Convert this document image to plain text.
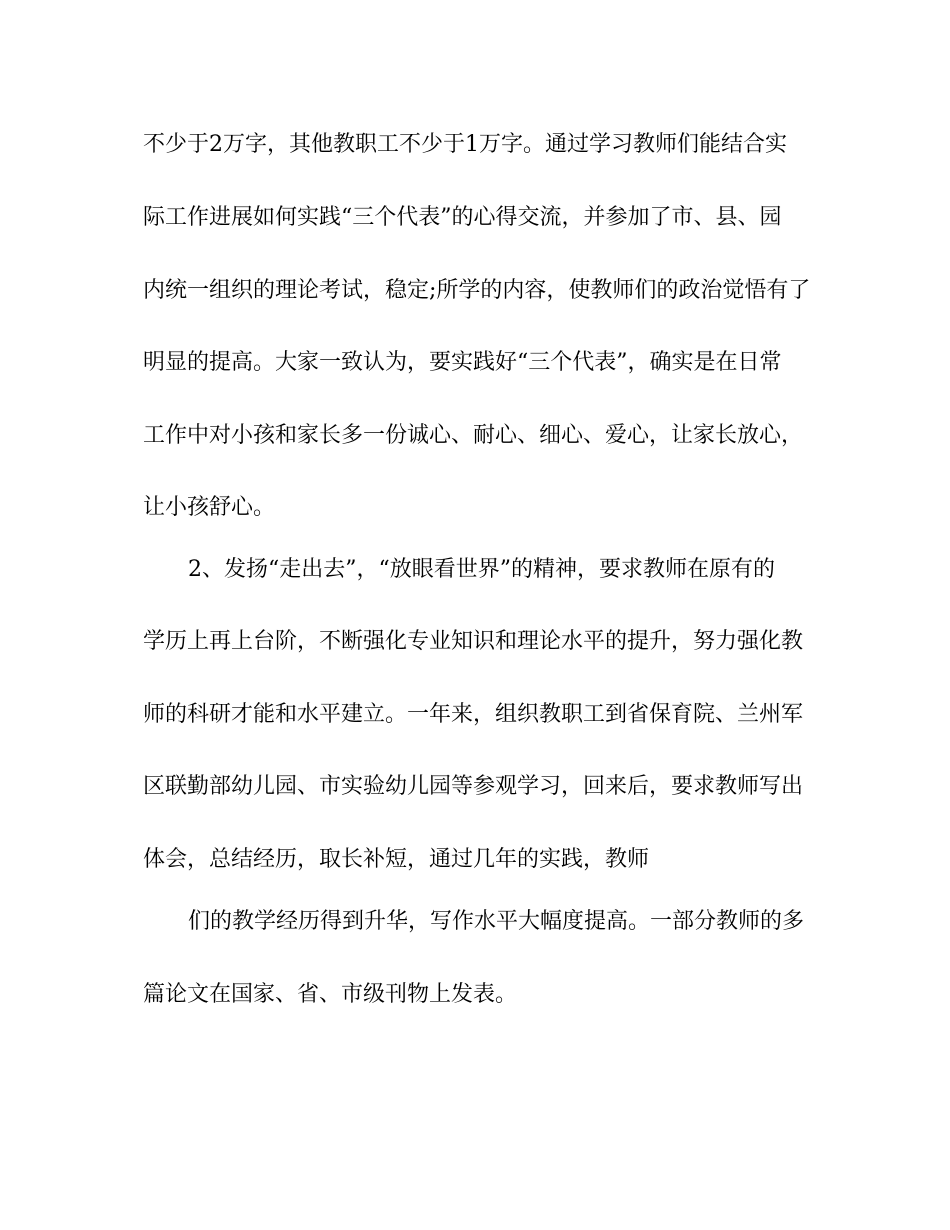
不少于2万字，其他教职工不少于1万字。通过学习教师们能结合实
际工作进展如何实践“三个代表”的心得交流，并参加了市、县、园
内统一组织的理论考试，稳定;所学的内容，使教师们的政治觉悟有了
明显的提高。大家一致认为，要实践好“三个代表”，确实是在日常
工作中对小孩和家长多一份诚心、耐心、细心、爱心，让家长放心，
让小孩舒心。
2、发扬“走出去”，“放眼看世界”的精神，要求教师在原有的
学历上再上台阶，不断强化专业知识和理论水平的提升，努力强化教
师的科研才能和水平建立。一年来，组织教职工到省保育院、兰州军
区联勤部幼儿园、市实验幼儿园等参观学习，回来后，要求教师写出
体会，总结经历，取长补短，通过几年的实践，教师
们的教学经历得到升华，写作水平大幅度提高。一部分教师的多
篇论文在国家、省、市级刊物上发表。
